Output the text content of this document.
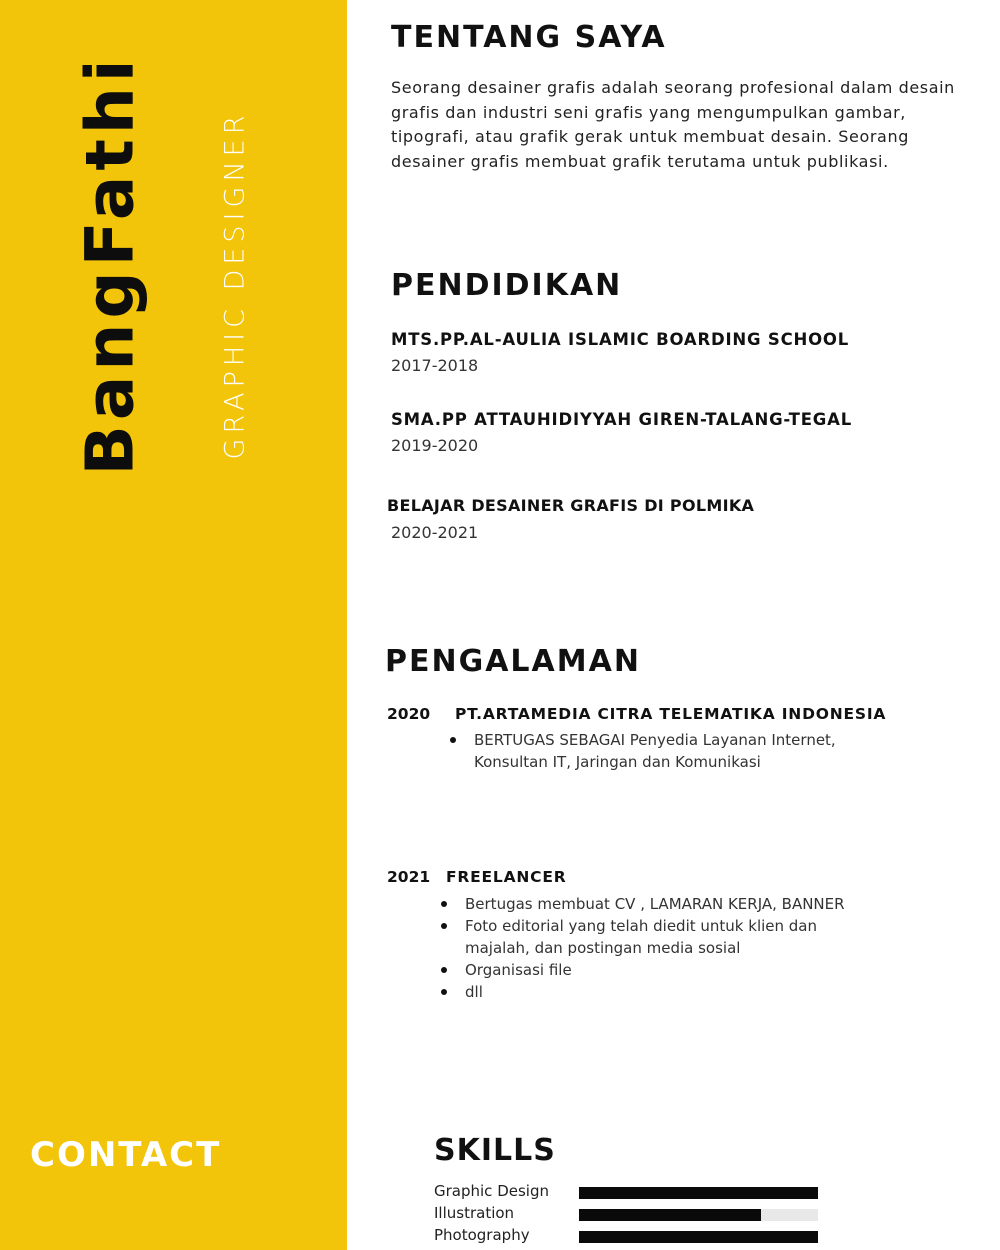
BangFathi	GRAPHIC DESIGNER
CONTACT
TENTANG SAYA

Seorang desainer grafis adalah seorang profesional dalam desain grafis dan industri seni grafis yang mengumpulkan gambar, tipografi, atau grafik gerak untuk membuat desain. Seorang desainer grafis membuat grafik terutama untuk publikasi.

PENDIDIKAN
MTS.PP.AL-AULIA ISLAMIC BOARDING SCHOOL
2017-2018
SMA.PP ATTAUHIDIYYAH GIREN-TALANG-TEGAL
2019-2020
BELAJAR DESAINER GRAFIS DI POLMIKA
2020-2021
PENGALAMAN
2020 PT.ARTAMEDIA CITRA TELEMATIKA INDONESIA
BERTUGAS SEBAGAI Penyedia Layanan Internet, Konsultan IT, Jaringan dan Komunikasi
2021 FREELANCER
Bertugas membuat CV , LAMARAN KERJA, BANNER
Foto editorial yang telah diedit untuk klien dan majalah, dan postingan media sosial
Organisasi file
dll
SKILLS
Graphic Design
Illustration
Photography
